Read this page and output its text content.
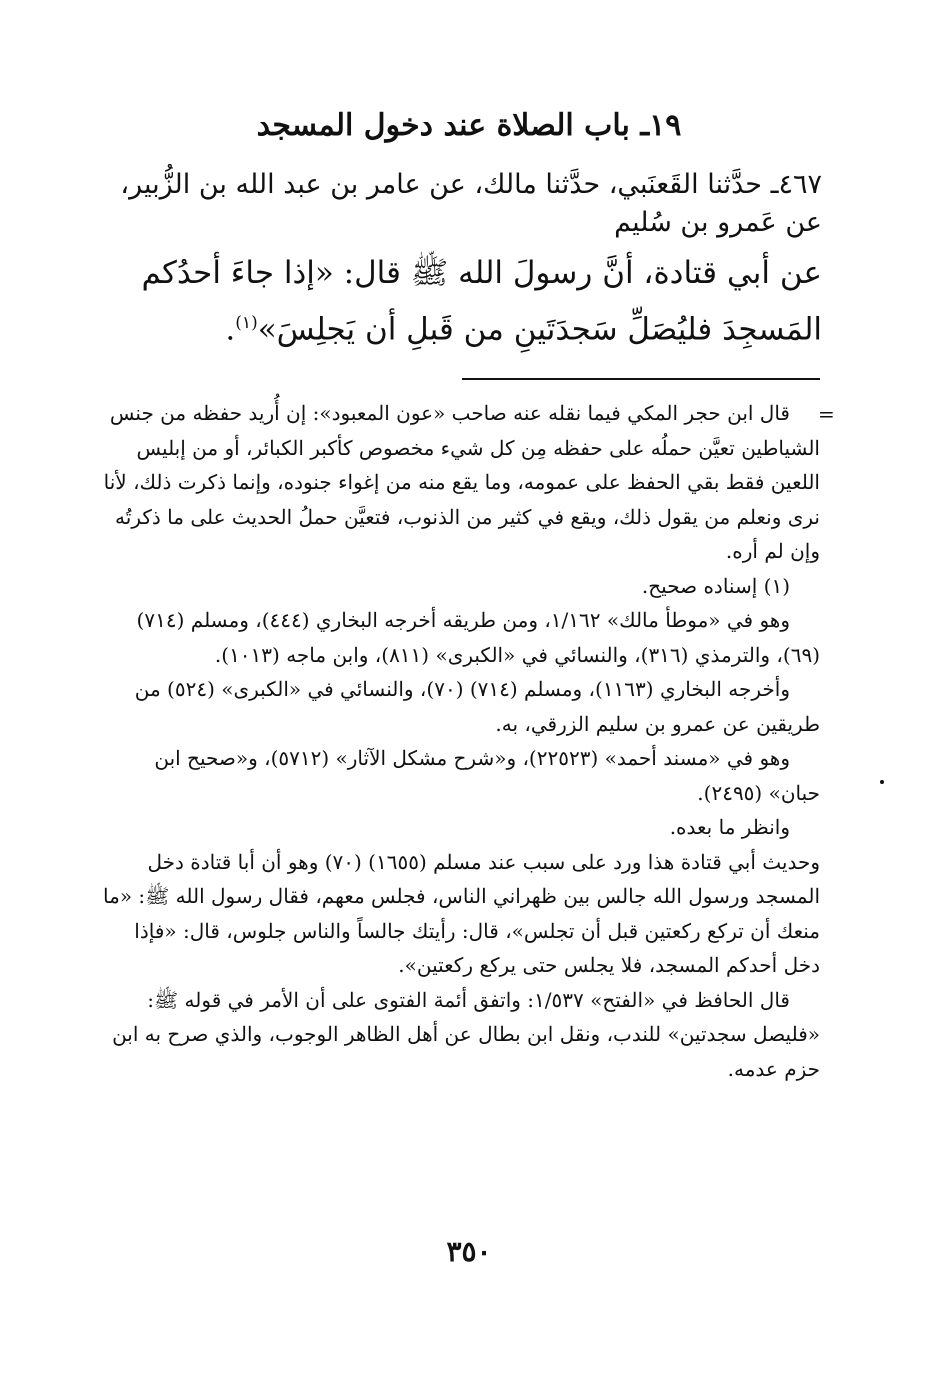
١٩ـ باب الصلاة عند دخول المسجد

٤٦٧ـ حدَّثنا القَعنَبي، حدَّثنا مالك، عن عامر بن عبد الله بن الزُّبير، عن عَمرو بن سُليم

عن أبي قتادة، أنَّ رسولَ الله ﷺ قال: «إذا جاءَ أحدُكم المَسجِدَ فليُصَلِّ سَجدَتَينِ من قَبلِ أن يَجلِسَ»$^{(١)}$.

=

قال ابن حجر المكي فيما نقله عنه صاحب «عون المعبود»: إن أُريد حفظه من جنس الشياطين تعيَّن حملُه على حفظه مِن كل شيء مخصوص كأكبر الكبائر، أو من إبليس اللعين فقط بقي الحفظ على عمومه، وما يقع منه من إغواء جنوده، وإنما ذكرت ذلك، لأنا نرى ونعلم من يقول ذلك، ويقع في كثير من الذنوب، فتعيَّن حملُ الحديث على ما ذكرتُه وإن لم أره.

(١) إسناده صحيح.

وهو في «موطأ مالك» ١/١٦٢، ومن طريقه أخرجه البخاري (٤٤٤)، ومسلم (٧١٤) (٦٩)، والترمذي (٣١٦)، والنسائي في «الكبرى» (٨١١)، وابن ماجه (١٠١٣).

وأخرجه البخاري (١١٦٣)، ومسلم (٧١٤) (٧٠)، والنسائي في «الكبرى» (٥٢٤) من طريقين عن عمرو بن سليم الزرقي، به.

وهو في «مسند أحمد» (٢٢٥٢٣)، و«شرح مشكل الآثار» (٥٧١٢)، و«صحيح ابن حبان» (٢٤٩٥).

وانظر ما بعده.

وحديث أبي قتادة هذا ورد على سبب عند مسلم (١٦٥٥) (٧٠) وهو أن أبا قتادة دخل المسجد ورسول الله جالس بين ظهراني الناس، فجلس معهم، فقال رسول الله ﷺ: «ما منعك أن تركع ركعتين قبل أن تجلس»، قال: رأيتك جالساً والناس جلوس، قال: «فإذا دخل أحدكم المسجد، فلا يجلس حتى يركع ركعتين».

قال الحافظ في «الفتح» ١/٥٣٧: واتفق أئمة الفتوى على أن الأمر في قوله ﷺ: «فليصل سجدتين» للندب، ونقل ابن بطال عن أهل الظاهر الوجوب، والذي صرح به ابن حزم عدمه.

٣٥٠
